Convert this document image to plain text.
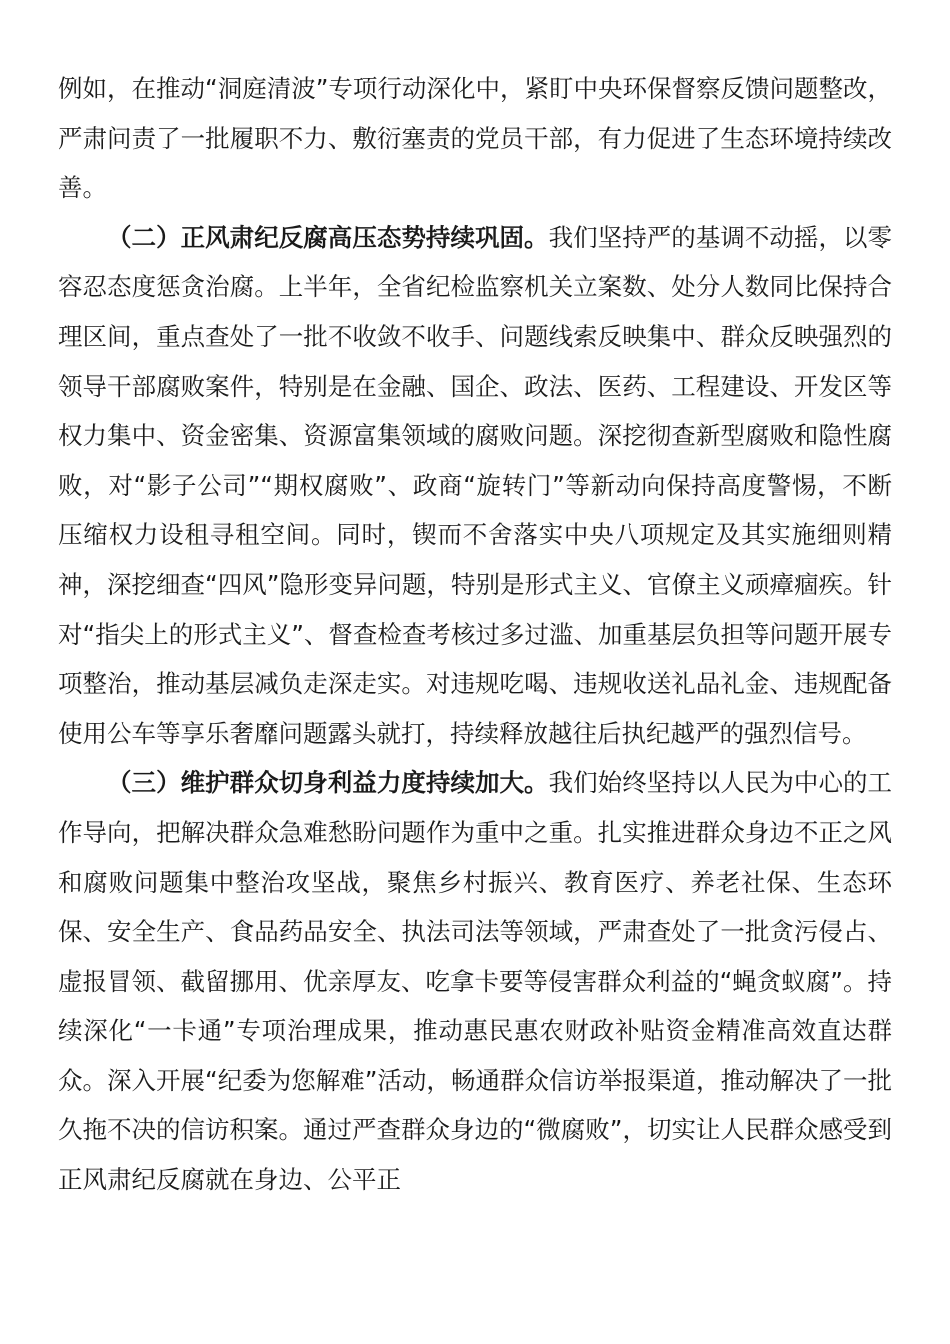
例如，在推动“洞庭清波”专项行动深化中，紧盯中央环保督察反馈问题整改，严肃问责了一批履职不力、敷衍塞责的党员干部，有力促进了生态环境持续改善。

（二）正风肃纪反腐高压态势持续巩固。我们坚持严的基调不动摇，以零容忍态度惩贪治腐。上半年，全省纪检监察机关立案数、处分人数同比保持合理区间，重点查处了一批不收敛不收手、问题线索反映集中、群众反映强烈的领导干部腐败案件，特别是在金融、国企、政法、医药、工程建设、开发区等权力集中、资金密集、资源富集领域的腐败问题。深挖彻查新型腐败和隐性腐败，对“影子公司”“期权腐败”、政商“旋转门”等新动向保持高度警惕，不断压缩权力设租寻租空间。同时，锲而不舍落实中央八项规定及其实施细则精神，深挖细查“四风”隐形变异问题，特别是形式主义、官僚主义顽瘴痼疾。针对“指尖上的形式主义”、督查检查考核过多过滥、加重基层负担等问题开展专项整治，推动基层减负走深走实。对违规吃喝、违规收送礼品礼金、违规配备使用公车等享乐奢靡问题露头就打，持续释放越往后执纪越严的强烈信号。

（三）维护群众切身利益力度持续加大。我们始终坚持以人民为中心的工作导向，把解决群众急难愁盼问题作为重中之重。扎实推进群众身边不正之风和腐败问题集中整治攻坚战，聚焦乡村振兴、教育医疗、养老社保、生态环保、安全生产、食品药品安全、执法司法等领域，严肃查处了一批贪污侵占、虚报冒领、截留挪用、优亲厚友、吃拿卡要等侵害群众利益的“蝇贪蚁腐”。持续深化“一卡通”专项治理成果，推动惠民惠农财政补贴资金精准高效直达群众。深入开展“纪委为您解难”活动，畅通群众信访举报渠道，推动解决了一批久拖不决的信访积案。通过严查群众身边的“微腐败”，切实让人民群众感受到正风肃纪反腐就在身边、公平正
